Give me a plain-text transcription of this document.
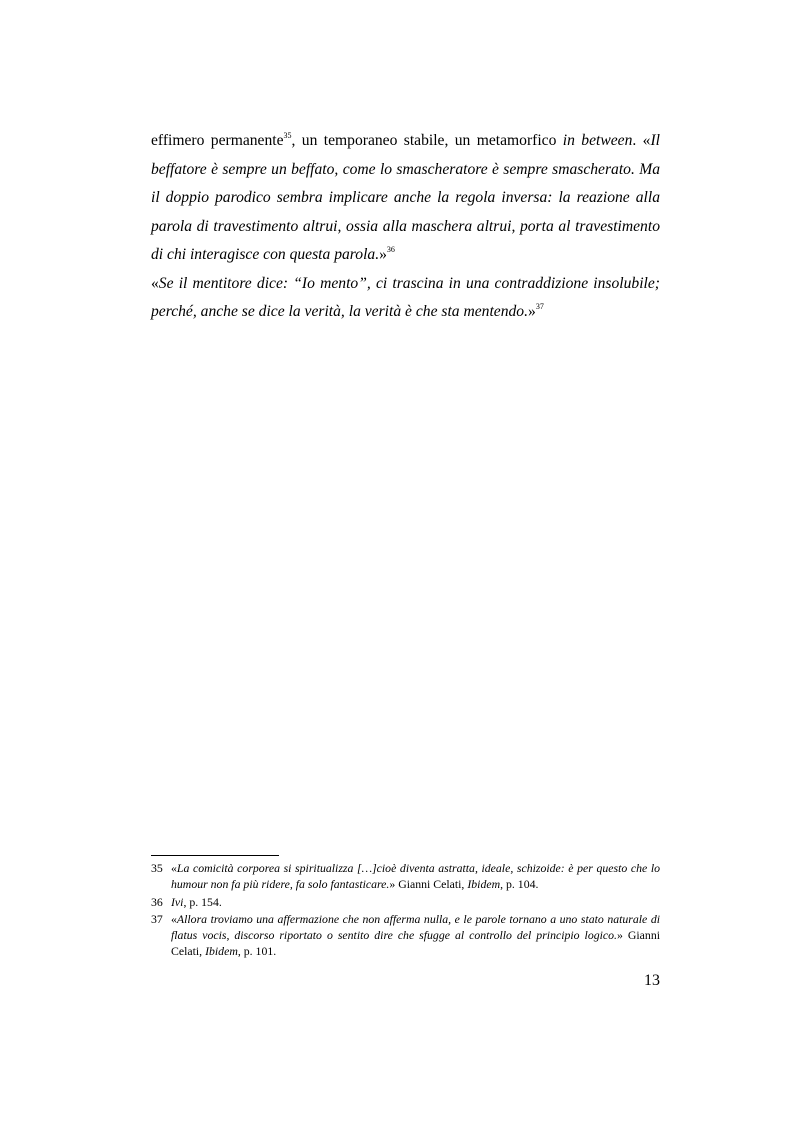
effimero permanente$^{35}$, un temporaneo stabile, un metamorfico in between. «Il beffatore è sempre un beffato, come lo smascheratore è sempre smascherato. Ma il doppio parodico sembra implicare anche la regola inversa: la reazione alla parola di travestimento altrui, ossia alla maschera altrui, porta al travestimento di chi interagisce con questa parola.»$^{36}$

«Se il mentitore dice: “Io mento”, ci trascina in una contraddizione insolubile; perché, anche se dice la verità, la verità è che sta mentendo.»$^{37}$

35 «La comicità corporea si spiritualizza […]cioè diventa astratta, ideale, schizoide: è per questo che lo humour non fa più ridere, fa solo fantasticare.» Gianni Celati, Ibidem, p. 104.

36 Ivi, p. 154.

37 «Allora troviamo una affermazione che non afferma nulla, e le parole tornano a uno stato naturale di flatus vocis, discorso riportato o sentito dire che sfugge al controllo del principio logico.» Gianni Celati, Ibidem, p. 101.

13
